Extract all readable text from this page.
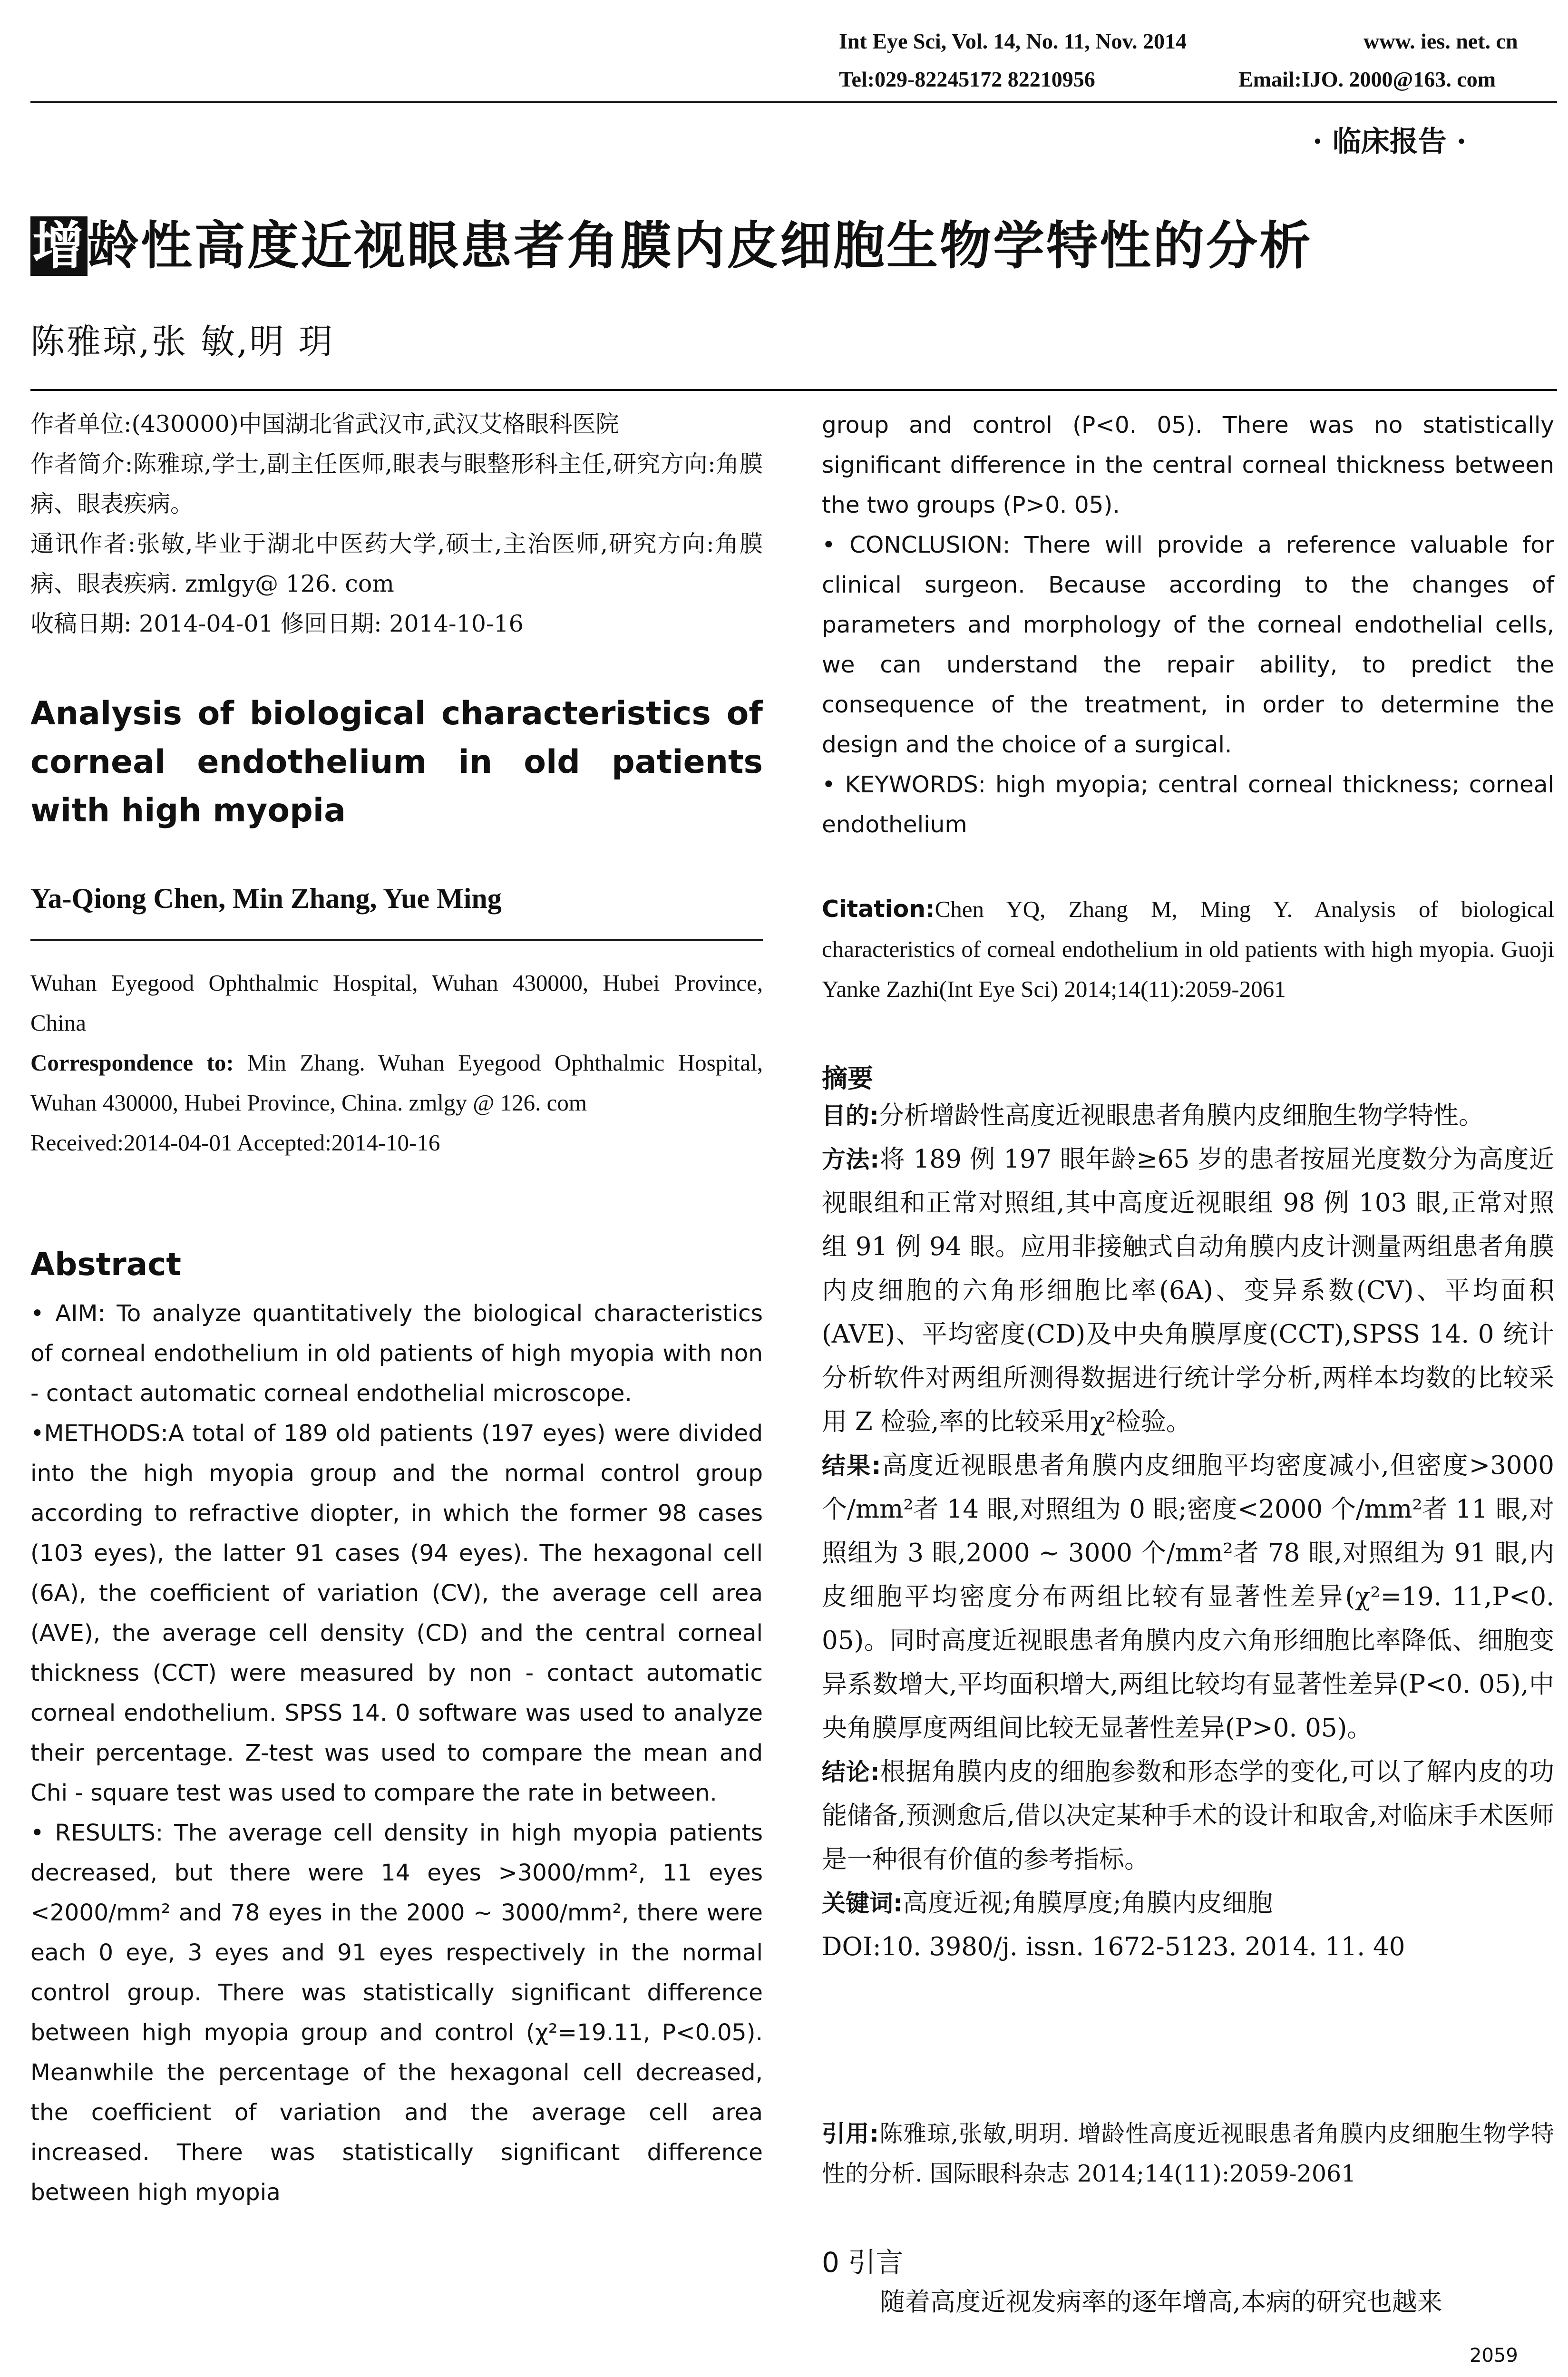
Int Eye Sci, Vol. 14, No. 11, Nov. 2014	www. ies. net. cn
Tel:029-82245172 82210956	Email:IJO. 2000@163. com
· 临床报告 ·
增龄性高度近视眼患者角膜内皮细胞生物学特性的分析
陈雅琼,张 敏,明 玥

作者单位:(430000)中国湖北省武汉市,武汉艾格眼科医院

作者简介:陈雅琼,学士,副主任医师,眼表与眼整形科主任,研究方向:角膜病、眼表疾病。

通讯作者:张敏,毕业于湖北中医药大学,硕士,主治医师,研究方向:角膜病、眼表疾病. zmlgy@ 126. com

收稿日期: 2014-04-01 修回日期: 2014-10-16

Analysis of biological characteristics of corneal endothelium in old patients with high myopia
Ya-Qiong Chen, Min Zhang, Yue Ming

Wuhan Eyegood Ophthalmic Hospital, Wuhan 430000, Hubei Province, China

Correspondence to: Min Zhang. Wuhan Eyegood Ophthalmic Hospital, Wuhan 430000, Hubei Province, China. zmlgy @ 126. com

Received:2014-04-01 Accepted:2014-10-16

Abstract

• AIM: To analyze quantitatively the biological characteristics of corneal endothelium in old patients of high myopia with non - contact automatic corneal endothelial microscope.

•METHODS:A total of 189 old patients (197 eyes) were divided into the high myopia group and the normal control group according to refractive diopter, in which the former 98 cases (103 eyes), the latter 91 cases (94 eyes). The hexagonal cell (6A), the coefficient of variation (CV), the average cell area (AVE), the average cell density (CD) and the central corneal thickness (CCT) were measured by non - contact automatic corneal endothelium. SPSS 14. 0 software was used to analyze their percentage. Z-test was used to compare the mean and Chi - square test was used to compare the rate in between.

• RESULTS: The average cell density in high myopia patients decreased, but there were 14 eyes >3000/mm², 11 eyes <2000/mm² and 78 eyes in the 2000 ~ 3000/mm², there were each 0 eye, 3 eyes and 91 eyes respectively in the normal control group. There was statistically significant difference between high myopia group and control (χ²=19.11, P<0.05). Meanwhile the percentage of the hexagonal cell decreased, the coefficient of variation and the average cell area increased. There was statistically significant difference between high myopia

group and control (P<0. 05). There was no statistically significant difference in the central corneal thickness between the two groups (P>0. 05).

• CONCLUSION: There will provide a reference valuable for clinical surgeon. Because according to the changes of parameters and morphology of the corneal endothelial cells, we can understand the repair ability, to predict the consequence of the treatment, in order to determine the design and the choice of a surgical.

• KEYWORDS: high myopia; central corneal thickness; corneal endothelium

Citation:Chen YQ, Zhang M, Ming Y. Analysis of biological characteristics of corneal endothelium in old patients with high myopia. Guoji Yanke Zazhi(Int Eye Sci) 2014;14(11):2059-2061
摘要

目的:分析增龄性高度近视眼患者角膜内皮细胞生物学特性。

方法:将 189 例 197 眼年龄≥65 岁的患者按屈光度数分为高度近视眼组和正常对照组,其中高度近视眼组 98 例 103 眼,正常对照组 91 例 94 眼。应用非接触式自动角膜内皮计测量两组患者角膜内皮细胞的六角形细胞比率(6A)、变异系数(CV)、平均面积(AVE)、平均密度(CD)及中央角膜厚度(CCT),SPSS 14. 0 统计分析软件对两组所测得数据进行统计学分析,两样本均数的比较采用 Z 检验,率的比较采用χ²检验。

结果:高度近视眼患者角膜内皮细胞平均密度减小,但密度>3000 个/mm²者 14 眼,对照组为 0 眼;密度<2000 个/mm²者 11 眼,对照组为 3 眼,2000 ~ 3000 个/mm²者 78 眼,对照组为 91 眼,内皮细胞平均密度分布两组比较有显著性差异(χ²=19. 11,P<0. 05)。同时高度近视眼患者角膜内皮六角形细胞比率降低、细胞变异系数增大,平均面积增大,两组比较均有显著性差异(P<0. 05),中央角膜厚度两组间比较无显著性差异(P>0. 05)。

结论:根据角膜内皮的细胞参数和形态学的变化,可以了解内皮的功能储备,预测愈后,借以决定某种手术的设计和取舍,对临床手术医师是一种很有价值的参考指标。

关键词:高度近视;角膜厚度;角膜内皮细胞

DOI:10. 3980/j. issn. 1672-5123. 2014. 11. 40

引用:陈雅琼,张敏,明玥. 增龄性高度近视眼患者角膜内皮细胞生物学特性的分析. 国际眼科杂志 2014;14(11):2059-2061
0 引言
随着高度近视发病率的逐年增高,本病的研究也越来
2059
